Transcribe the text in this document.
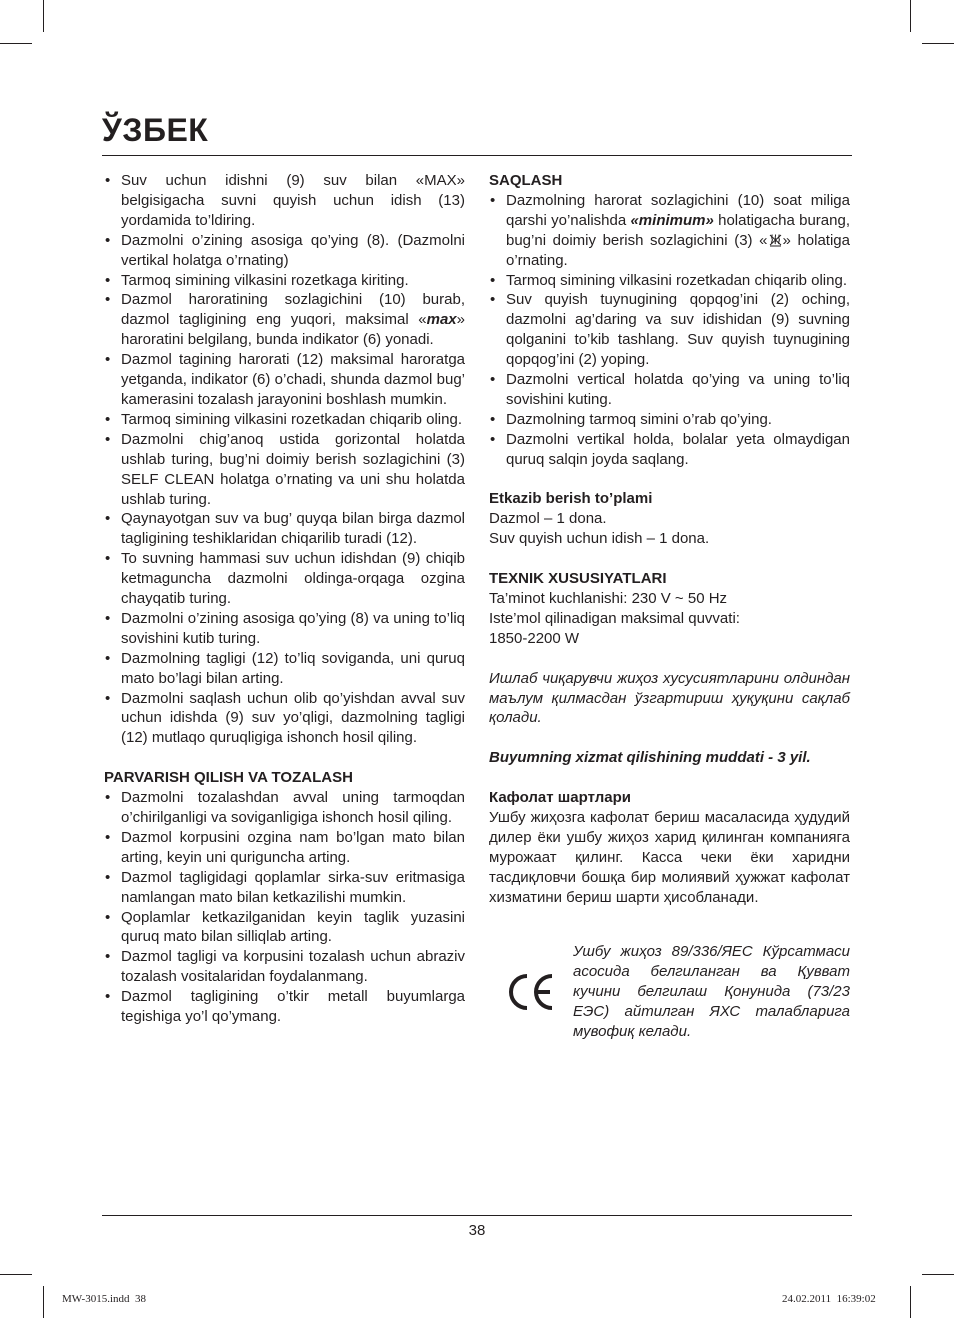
ЎЗБЕК
• Suv uchun idishni (9) suv bilan «MAX» belgisigacha suvni quyish uchun idish (13) yordamida to’ldiring.
• Dazmolni o’zining asosiga qo’ying (8). (Dazmolni vertikal holatga o’rnating)
• Tarmoq simining vilkasini rozetkaga kiriting.
• Dazmol haroratining sozlagichini (10) burab, dazmol tagligining eng yuqori, maksimal «max» haroratini belgilang, bunda indikator (6) yonadi.
• Dazmol tagining harorati (12) maksimal haroratga yetganda, indikator (6) o’chadi, shunda dazmol bug’ kamerasini tozalash jarayonini boshlash mumkin.
• Tarmoq simining vilkasini rozetkadan chiqarib oling.
• Dazmolni chig’anoq ustida gorizontal holatda ushlab turing, bug’ni doimiy berish sozlagichini (3) SELF CLEAN holatga o’rnating va uni shu holatda ushlab turing.
• Qaynayotgan suv va bug’ quyqa bilan birga dazmol tagligining teshiklaridan chiqarilib turadi (12).
• To suvning hammasi suv uchun idishdan (9) chiqib ketmaguncha dazmolni oldinga-orqaga ozgina chayqatib turing.
• Dazmolni o’zining asosiga qo’ying (8) va uning to’liq sovishini kutib turing.
• Dazmolning tagligi (12) to’liq soviganda, uni quruq mato bo’lagi bilan arting.
• Dazmolni saqlash uchun olib qo’yishdan avval suv uchun idishda (9) suv yo’qligi, dazmolning tagligi (12) mutlaqo quruqligiga ishonch hosil qiling.
PARVARISH QILISH VA TOZALASH
• Dazmolni tozalashdan avval uning tarmoqdan o’chirilganligi va soviganligiga ishonch hosil qiling.
• Dazmol korpusini ozgina nam bo’lgan mato bilan arting, keyin uni qurigunchа arting.
• Dazmol tagligidagi qoplamlar sirka-suv eritmasiga namlangan mato bilan ketkazilishi mumkin.
• Qoplamlar ketkazilganidan keyin taglik yuzasini quruq mato bilan silliqlab arting.
• Dazmol tagligi va korpusini tozalash uchun abraziv tozalash vositalaridan foydalanmang.
• Dazmol tagligining o’tkir metall buyumlarga tegishiga yo’l qo’ymang.
SAQLASH
• Dazmolning harorat sozlagichini (10) soat miliga qarshi yo’nalishda «minimum» holatigacha burang, bug’ni doimiy berish sozlagichini (3) « » holatiga o’rnating.
• Tarmoq simining vilkasini rozetkadan chiqarib oling.
• Suv quyish tuynugining qopqog’ini (2) oching, dazmolni ag’daring va suv idishidan (9) suvning qolganini to’kib tashlang. Suv quyish tuynugining qopqog’ini (2) yoping.
• Dazmolni vertical holatda qo’ying va uning to’liq sovishini kuting.
• Dazmolning tarmoq simini o’rab qo’ying.
• Dazmolni vertikal holda, bolalar yeta olmaydigan quruq salqin joyda saqlang.
Etkazib berish to’plami

Dazmol – 1 dona.

Suv quyish uchun idish – 1 dona.

TEXNIK XUSUSIYATLARI

Ta’minot kuchlanishi: 230 V ~ 50 Hz

Iste’mol qilinadigan maksimal quvvati:

1850-2200 W

Ишлаб чиқарувчи жиҳоз хусусиятларини олдиндан маълум қилмасдан ўзгартириш ҳуқуқини сақлаб қолади.

Buyumning xizmat qilishining muddati - 3 yil.

Кафолат шартлари

Ушбу жиҳозга кафолат бериш масаласида ҳудудий дилер ёки ушбу жиҳоз харид қилинган компанияга мурожаат қилинг. Касса чеки ёки харидни тасдиқловчи бошқа бир молиявий ҳужжат кафолат хизматини бериш шарти ҳисобланади.

Ушбу жиҳоз 89/336/ЯЕС Кўрсатмаси асосида белгиланган ва Қувват кучини белгилаш Қонунида (73/23 ЕЭС) айтилган ЯХС талабларига мувофиқ келади.

38
MW-3015.indd 38	24.02.2011 16:39:02
